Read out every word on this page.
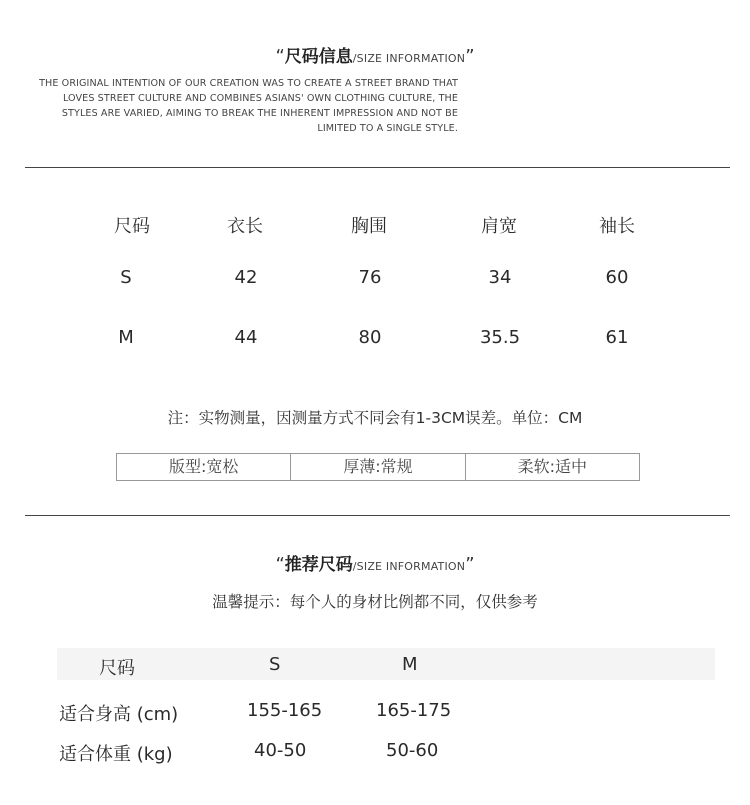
“尺码信息/SIZE INFORMATION”
THE ORIGINAL INTENTION OF OUR CREATION WAS TO CREATE A STREET BRAND THAT
LOVES STREET CULTURE AND COMBINES ASIANS' OWN CLOTHING CULTURE, THE
STYLES ARE VARIED, AIMING TO BREAK THE INHERENT IMPRESSION AND NOT BE
LIMITED TO A SINGLE STYLE.
尺码	衣长	胸围	肩宽	袖长
S	42	76	34	60
M	44	80	35.5	61
注：实物测量，因测量方式不同会有1-3CM误差。单位：CM
版型:宽松	厚薄:常规	柔软:适中
“推荐尺码/SIZE INFORMATION”
温馨提示：每个人的身材比例都不同，仅供参考
尺码	S	M
适合身高 (cm)	155-165	165-175
适合体重 (kg)	40-50	50-60
